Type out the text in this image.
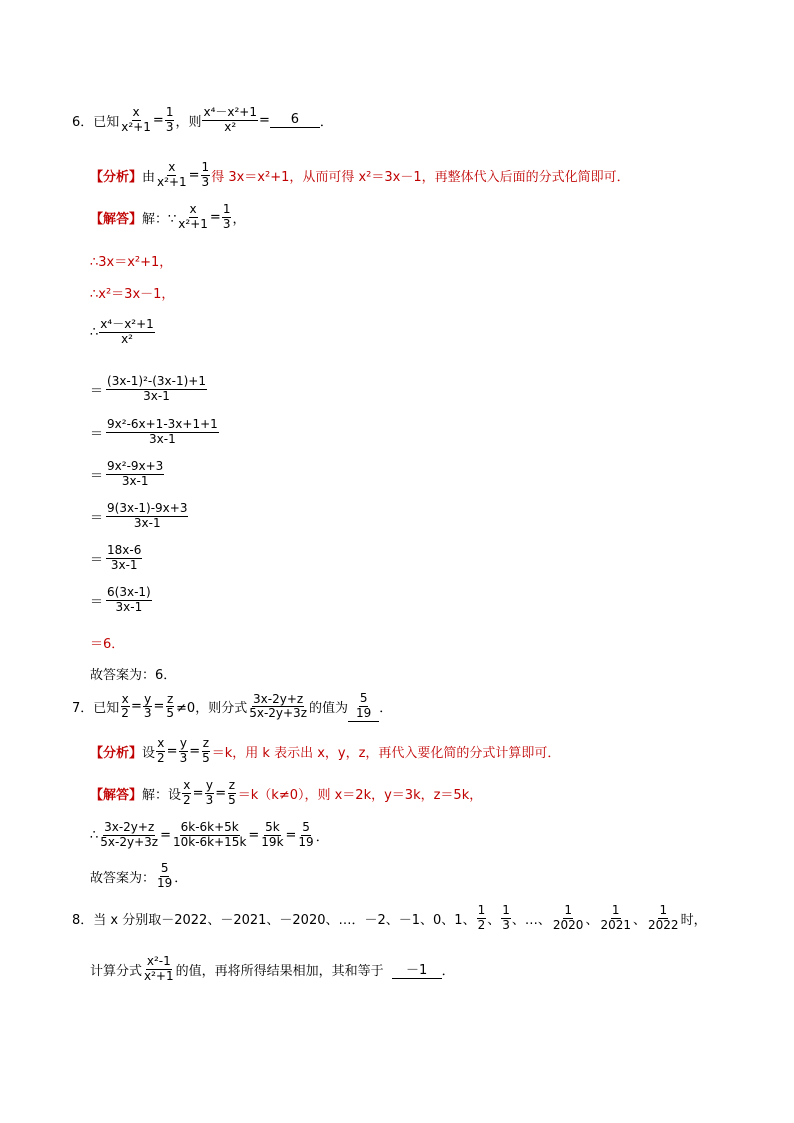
6． 已知 $\frac{x}{\text{x²+1}} = \frac{1}{3}$ ，则 $\frac{\text{x⁴－x²+1}}{\text{x²}}$ =	6	．
【分析】 由 $\frac{x}{\text{x²+1}} = \frac{1}{3}$ 得 3x＝x²+1，从而可得 x²＝3x－1，再整体代入后面的分式化简即可．
【解答】 解：∵ $\frac{x}{\text{x²+1}} = \frac{1}{3}$ ，
∴3x＝x²+1，
∴x²＝3x－1，
∴
x⁴－x²+1
x²
＝
(3x-1)²-(3x-1)+1
3x-1
＝
9x²-6x+1-3x+1+1
3x-1
＝
9x²-9x+3
3x-1
＝
9(3x-1)-9x+3
3x-1
＝
18x-6
3x-1
＝
6(3x-1)
3x-1
＝6．
故答案为：6．
7． 已知 $\frac{x}{2} = \frac{y}{3} = \frac{z}{5} \ne 0$，则分式
3x-2y+z
5x-2y+3z 的值为
5
19 ．
【分析】 设 $\frac{x}{2} = \frac{y}{3} = \frac{z}{5} =k$，用 k 表示出 x，y，z，再代入要化简的分式计算即可．
【解答】 解：设 $\frac{x}{2} = \frac{y}{3} = \frac{z}{5} =k(k\ne 0)$，则 x＝2k，y＝3k，z＝5k，
∴ $\frac{3x-2y+z}{5x-2y+3z} = \frac{6k-6k+5k}{10k-6k+15k} = \frac{5k}{19k} = \frac{5}{19}$ ．
故答案为：
5
19 ．
8． 当 x 分别取－2022、－2021、－2020、…．－2、－1、0、1、
1
2 、
1
3 、…、
1
2020 、
1
2021 、
1
2022 时，
计算分式
x²-1
x²+1 的值，再将所得结果相加，其和等于	－1	．
